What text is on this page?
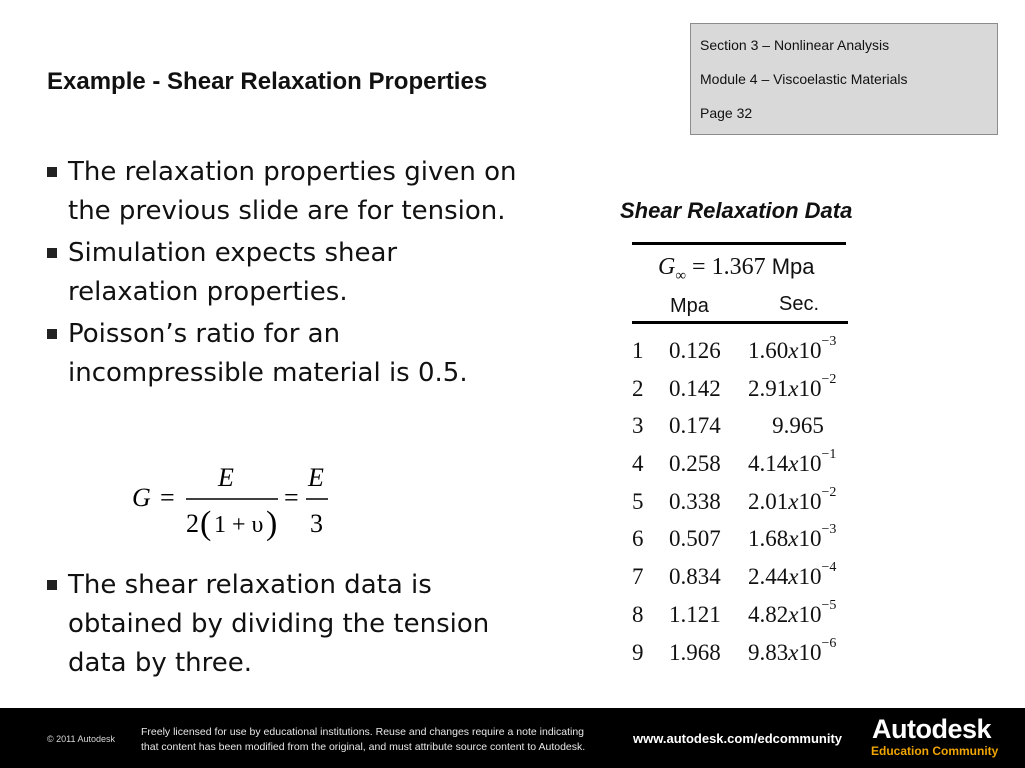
Example - Shear Relaxation Properties
Section 3 – Nonlinear Analysis
Module 4 – Viscoelastic Materials
Page 32
The relaxation properties given on the previous slide are for tension.
Simulation expects shear relaxation properties.
Poisson’s ratio for an incompressible material is 0.5.
G =
E
2 ( 1 + υ )
=
E
3
The shear relaxation data is obtained by dividing the tension data by three.
Shear Relaxation Data
$G_\infty = 1.367$ Mpa
Mpa	Sec.
1 0.126 $1.60x10^{-3}$
2 0.142 $2.91x10^{-2}$
3 0.174	9.965
4 0.258 $4.14x10^{-1}$
5 0.338 $2.01x10^{-2}$
6 0.507 $1.68x10^{-3}$
7 0.834 $2.44x10^{-4}$
8 1.121 $4.82x10^{-5}$
9 1.968 $9.83x10^{-6}$
© 2011 Autodesk
Freely licensed for use by educational institutions. Reuse and changes require a note indicating
that content has been modified from the original, and must attribute source content to Autodesk.
www.autodesk.com/edcommunity Autodesk
Education Community
